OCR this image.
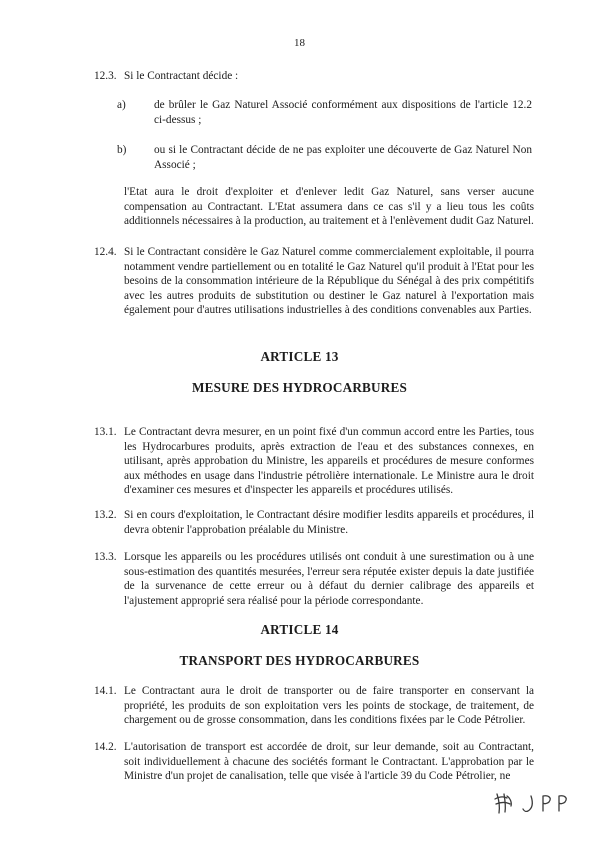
18
12.3. Si le Contractant décide :
a) de brûler le Gaz Naturel Associé conformément aux dispositions de l'article 12.2 ci-dessus ;
b) ou si le Contractant décide de ne pas exploiter une découverte de Gaz Naturel Non Associé ;
l'Etat aura le droit d'exploiter et d'enlever ledit Gaz Naturel, sans verser aucune compensation au Contractant. L'Etat assumera dans ce cas s'il y a lieu tous les coûts additionnels nécessaires à la production, au traitement et à l'enlèvement dudit Gaz Naturel.
12.4. Si le Contractant considère le Gaz Naturel comme commercialement exploitable, il pourra notamment vendre partiellement ou en totalité le Gaz Naturel qu'il produit à l'Etat pour les besoins de la consommation intérieure de la République du Sénégal à des prix compétitifs avec les autres produits de substitution ou destiner le Gaz naturel à l'exportation mais également pour d'autres utilisations industrielles à des conditions convenables aux Parties.
ARTICLE 13
MESURE DES HYDROCARBURES
13.1. Le Contractant devra mesurer, en un point fixé d'un commun accord entre les Parties, tous les Hydrocarbures produits, après extraction de l'eau et des substances connexes, en utilisant, après approbation du Ministre, les appareils et procédures de mesure conformes aux méthodes en usage dans l'industrie pétrolière internationale. Le Ministre aura le droit d'examiner ces mesures et d'inspecter les appareils et procédures utilisés.
13.2. Si en cours d'exploitation, le Contractant désire modifier lesdits appareils et procédures, il devra obtenir l'approbation préalable du Ministre.
13.3. Lorsque les appareils ou les procédures utilisés ont conduit à une surestimation ou à une sous-estimation des quantités mesurées, l'erreur sera réputée exister depuis la date justifiée de la survenance de cette erreur ou à défaut du dernier calibrage des appareils et l'ajustement approprié sera réalisé pour la période correspondante.
ARTICLE 14
TRANSPORT DES HYDROCARBURES
14.1. Le Contractant aura le droit de transporter ou de faire transporter en conservant la propriété, les produits de son exploitation vers les points de stockage, de traitement, de chargement ou de grosse consommation, dans les conditions fixées par le Code Pétrolier.
14.2. L'autorisation de transport est accordée de droit, sur leur demande, soit au Contractant, soit individuellement à chacune des sociétés formant le Contractant. L'approbation par le Ministre d'un projet de canalisation, telle que visée à l'article 39 du Code Pétrolier, ne
